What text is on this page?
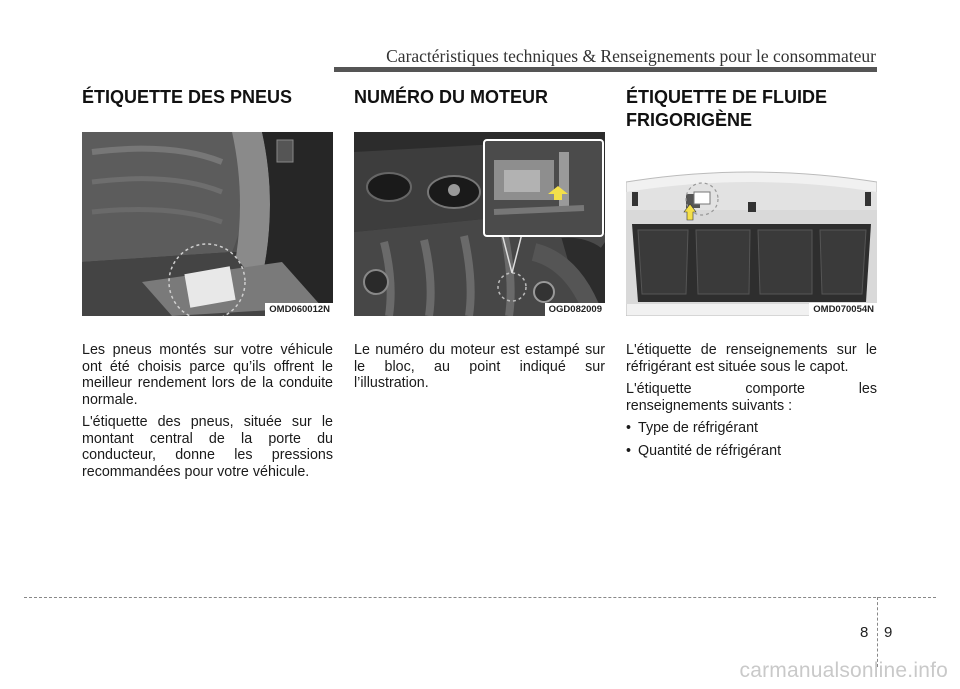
Caractéristiques techniques & Renseignements pour le consommateur
ÉTIQUETTE DES PNEUS
OMD060012N

Les pneus montés sur votre véhicule ont été choisis parce qu’ils offrent le meilleur rendement lors de la conduite normale.

L'étiquette des pneus, située sur le montant central de la porte du conducteur, donne les pressions recommandées pour votre véhicule.

NUMÉRO DU MOTEUR
OGD082009

Le numéro du moteur est estampé sur le bloc, au point indiqué sur l’illustration.

ÉTIQUETTE DE FLUIDE
FRIGORIGÈNE
OMD070054N

L'étiquette de renseignements sur le réfrigérant est située sous le capot.

L'étiquette comporte les renseignements suivants :

• Type de réfrigérant
• Quantité de réfrigérant
8 9
carmanualsonline.info
